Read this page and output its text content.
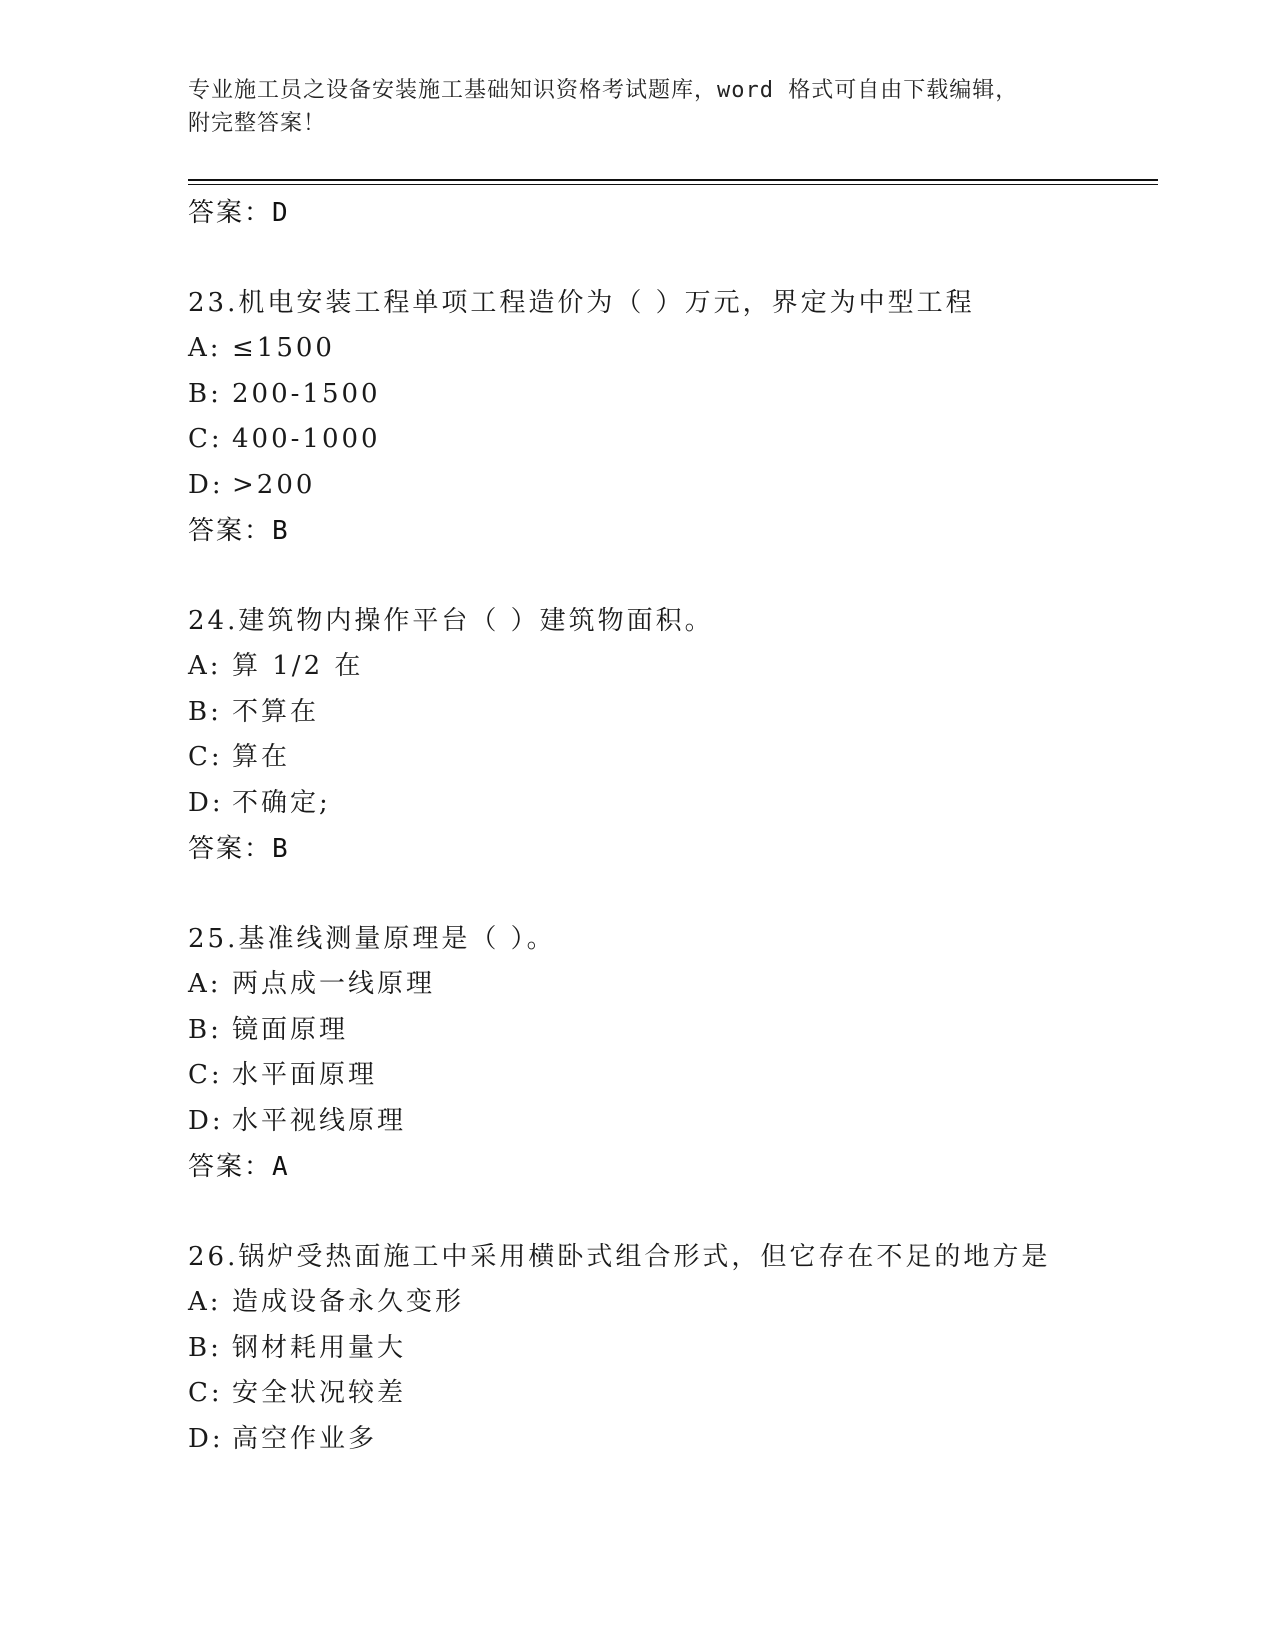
专业施工员之设备安装施工基础知识资格考试题库，word 格式可自由下载编辑，
附完整答案！
答案：D
23.机电安装工程单项工程造价为（ ）万元，界定为中型工程
A: ≤1500
B: 200-1500
C: 400-1000
D: >200
答案：B
24.建筑物内操作平台（ ）建筑物面积。
A: 算 1/2 在
B: 不算在
C: 算在
D: 不确定;
答案：B
25.基准线测量原理是（ ）。
A: 两点成一线原理
B: 镜面原理
C: 水平面原理
D: 水平视线原理
答案：A
26.锅炉受热面施工中采用横卧式组合形式，但它存在不足的地方是
A: 造成设备永久变形
B: 钢材耗用量大
C: 安全状况较差
D: 高空作业多
